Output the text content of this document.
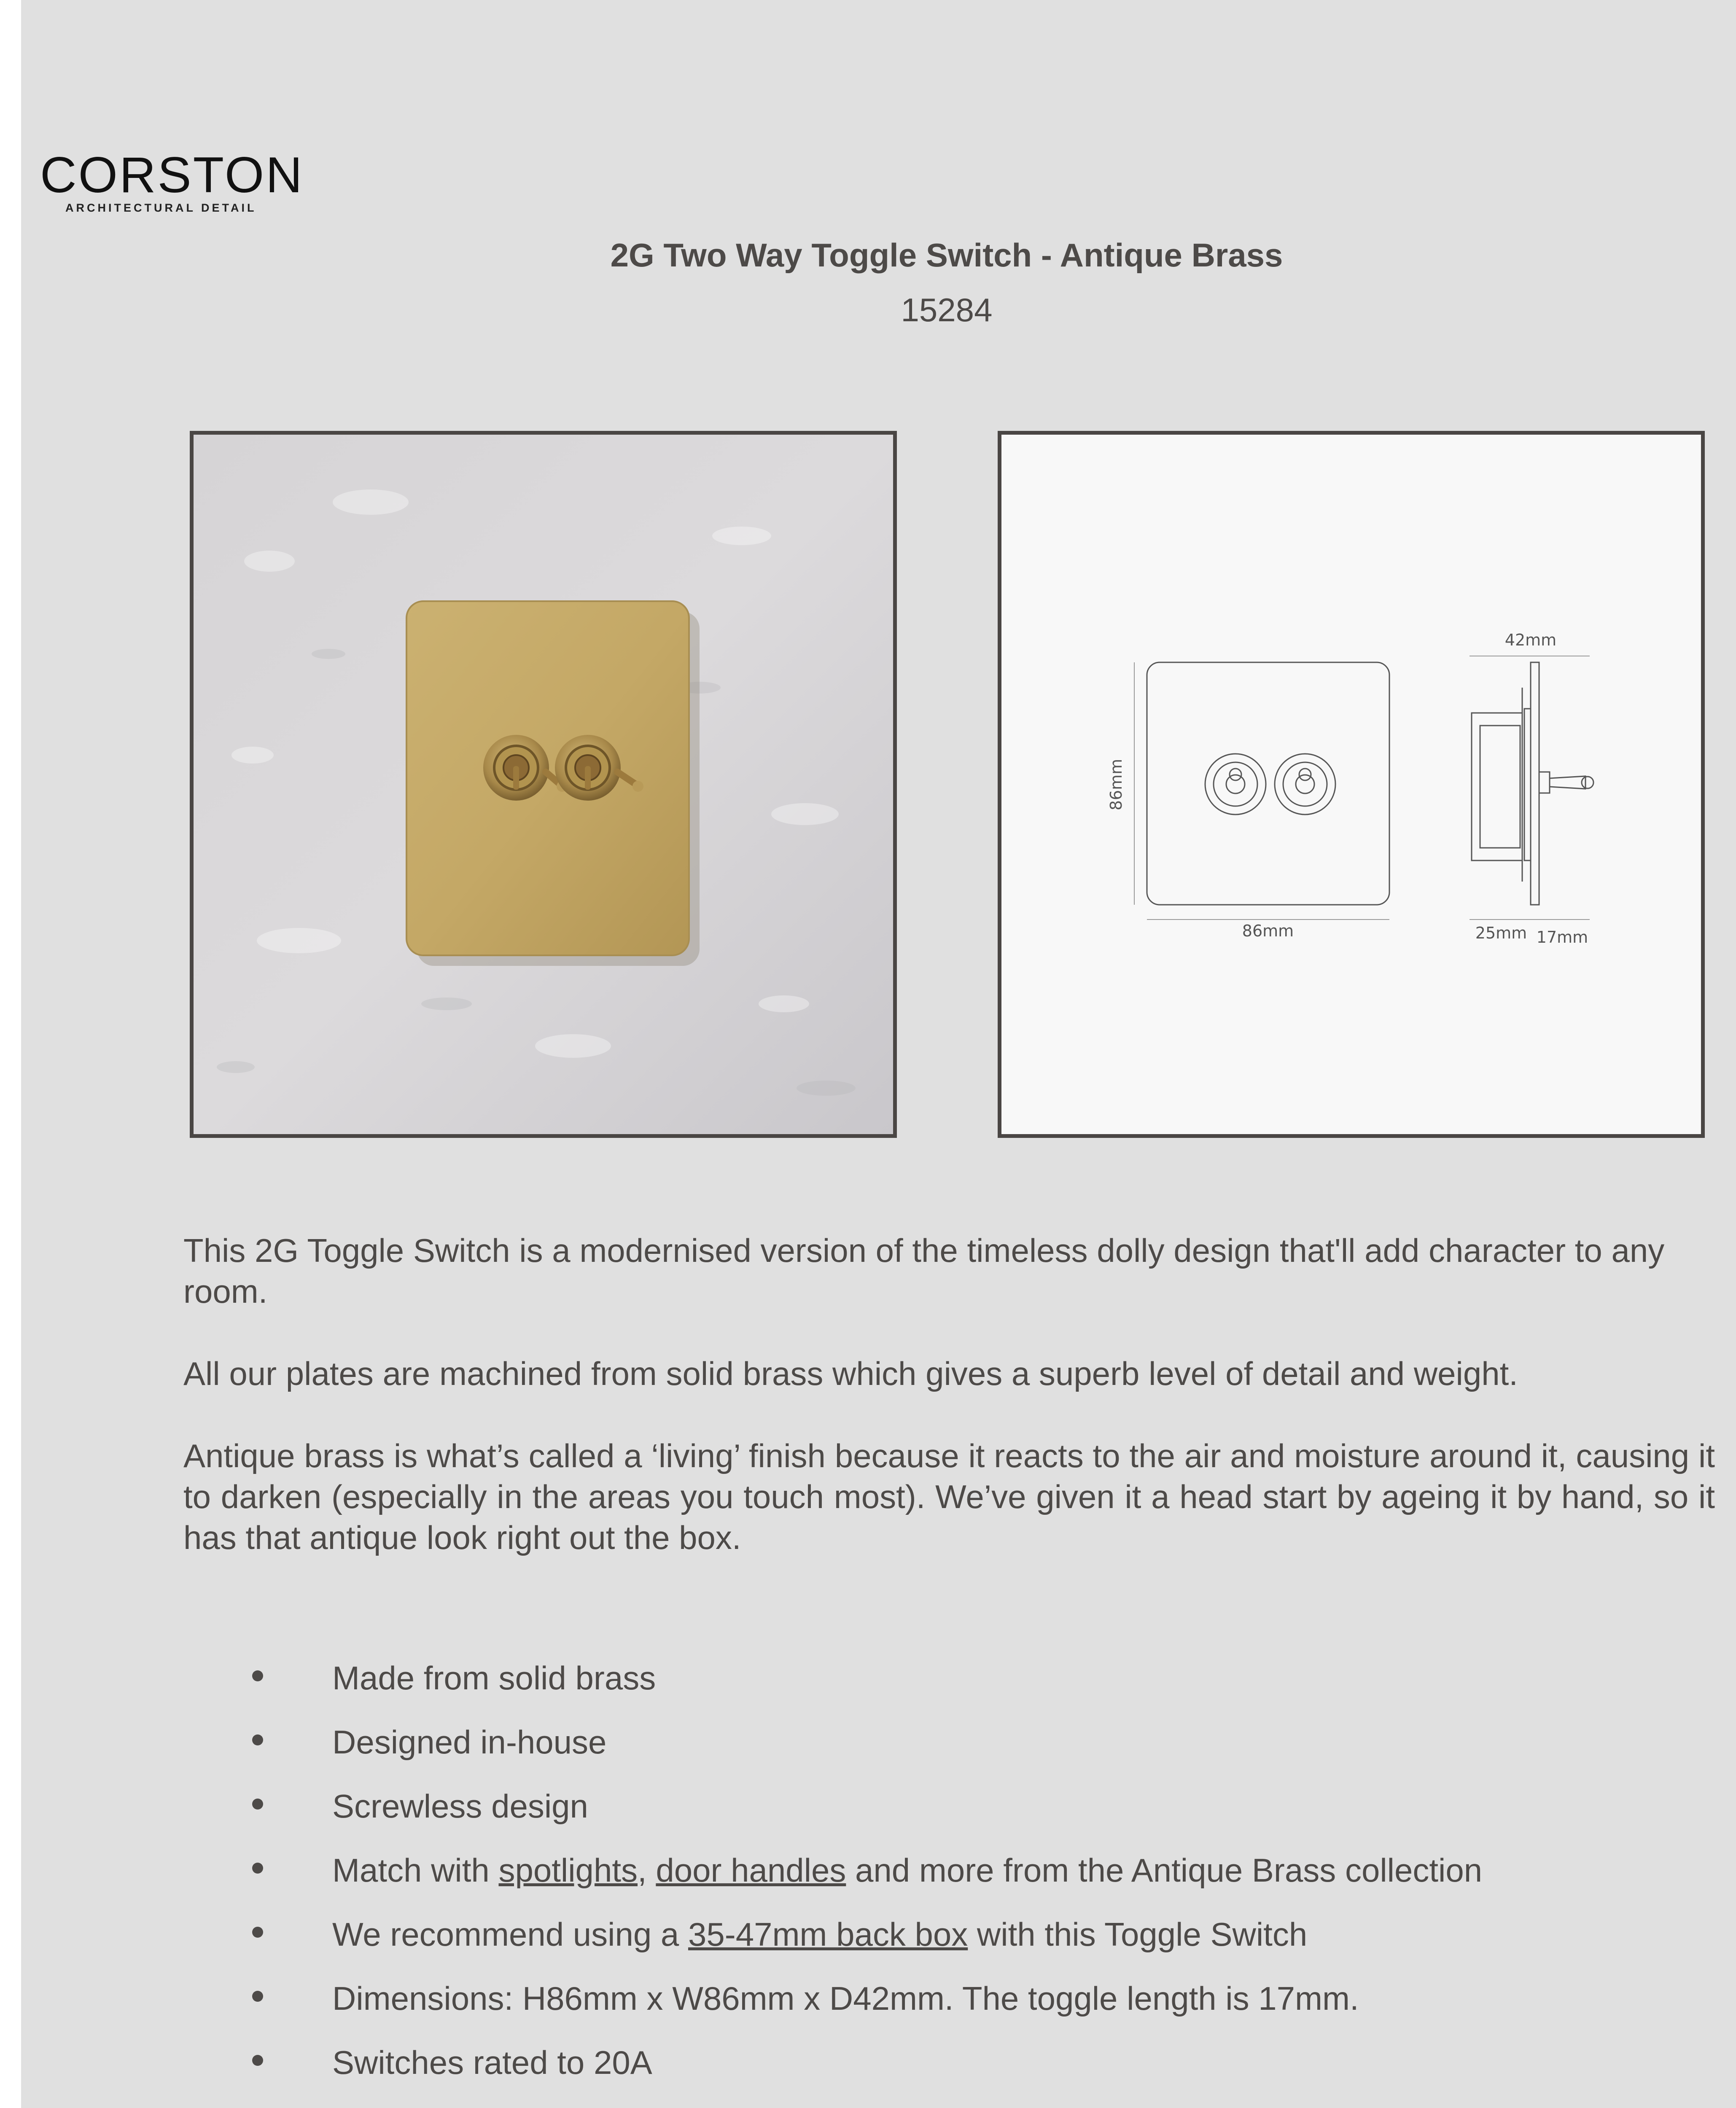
CORSTON
ARCHITECTURAL DETAIL
2G Two Way Toggle Switch - Antique Brass
15284
86mm
42mm
25mm 17mm
86mm

This 2G Toggle Switch is a modernised version of the timeless dolly design that'll add character to any room.

All our plates are machined from solid brass which gives a superb level of detail and weight.

Antique brass is what’s called a ‘living’ finish because it reacts to the air and moisture around it, causing it to darken (especially in the areas you touch most). We’ve given it a head start by ageing it by hand, so it has that antique look right out the box.

Made from solid brass
Designed in-house
Screwless design
Match with spotlights, door handles and more from the Antique Brass collection
We recommend using a 35-47mm back box with this Toggle Switch
Dimensions: H86mm x W86mm x D42mm. The toggle length is 17mm.
Switches rated to 20A
